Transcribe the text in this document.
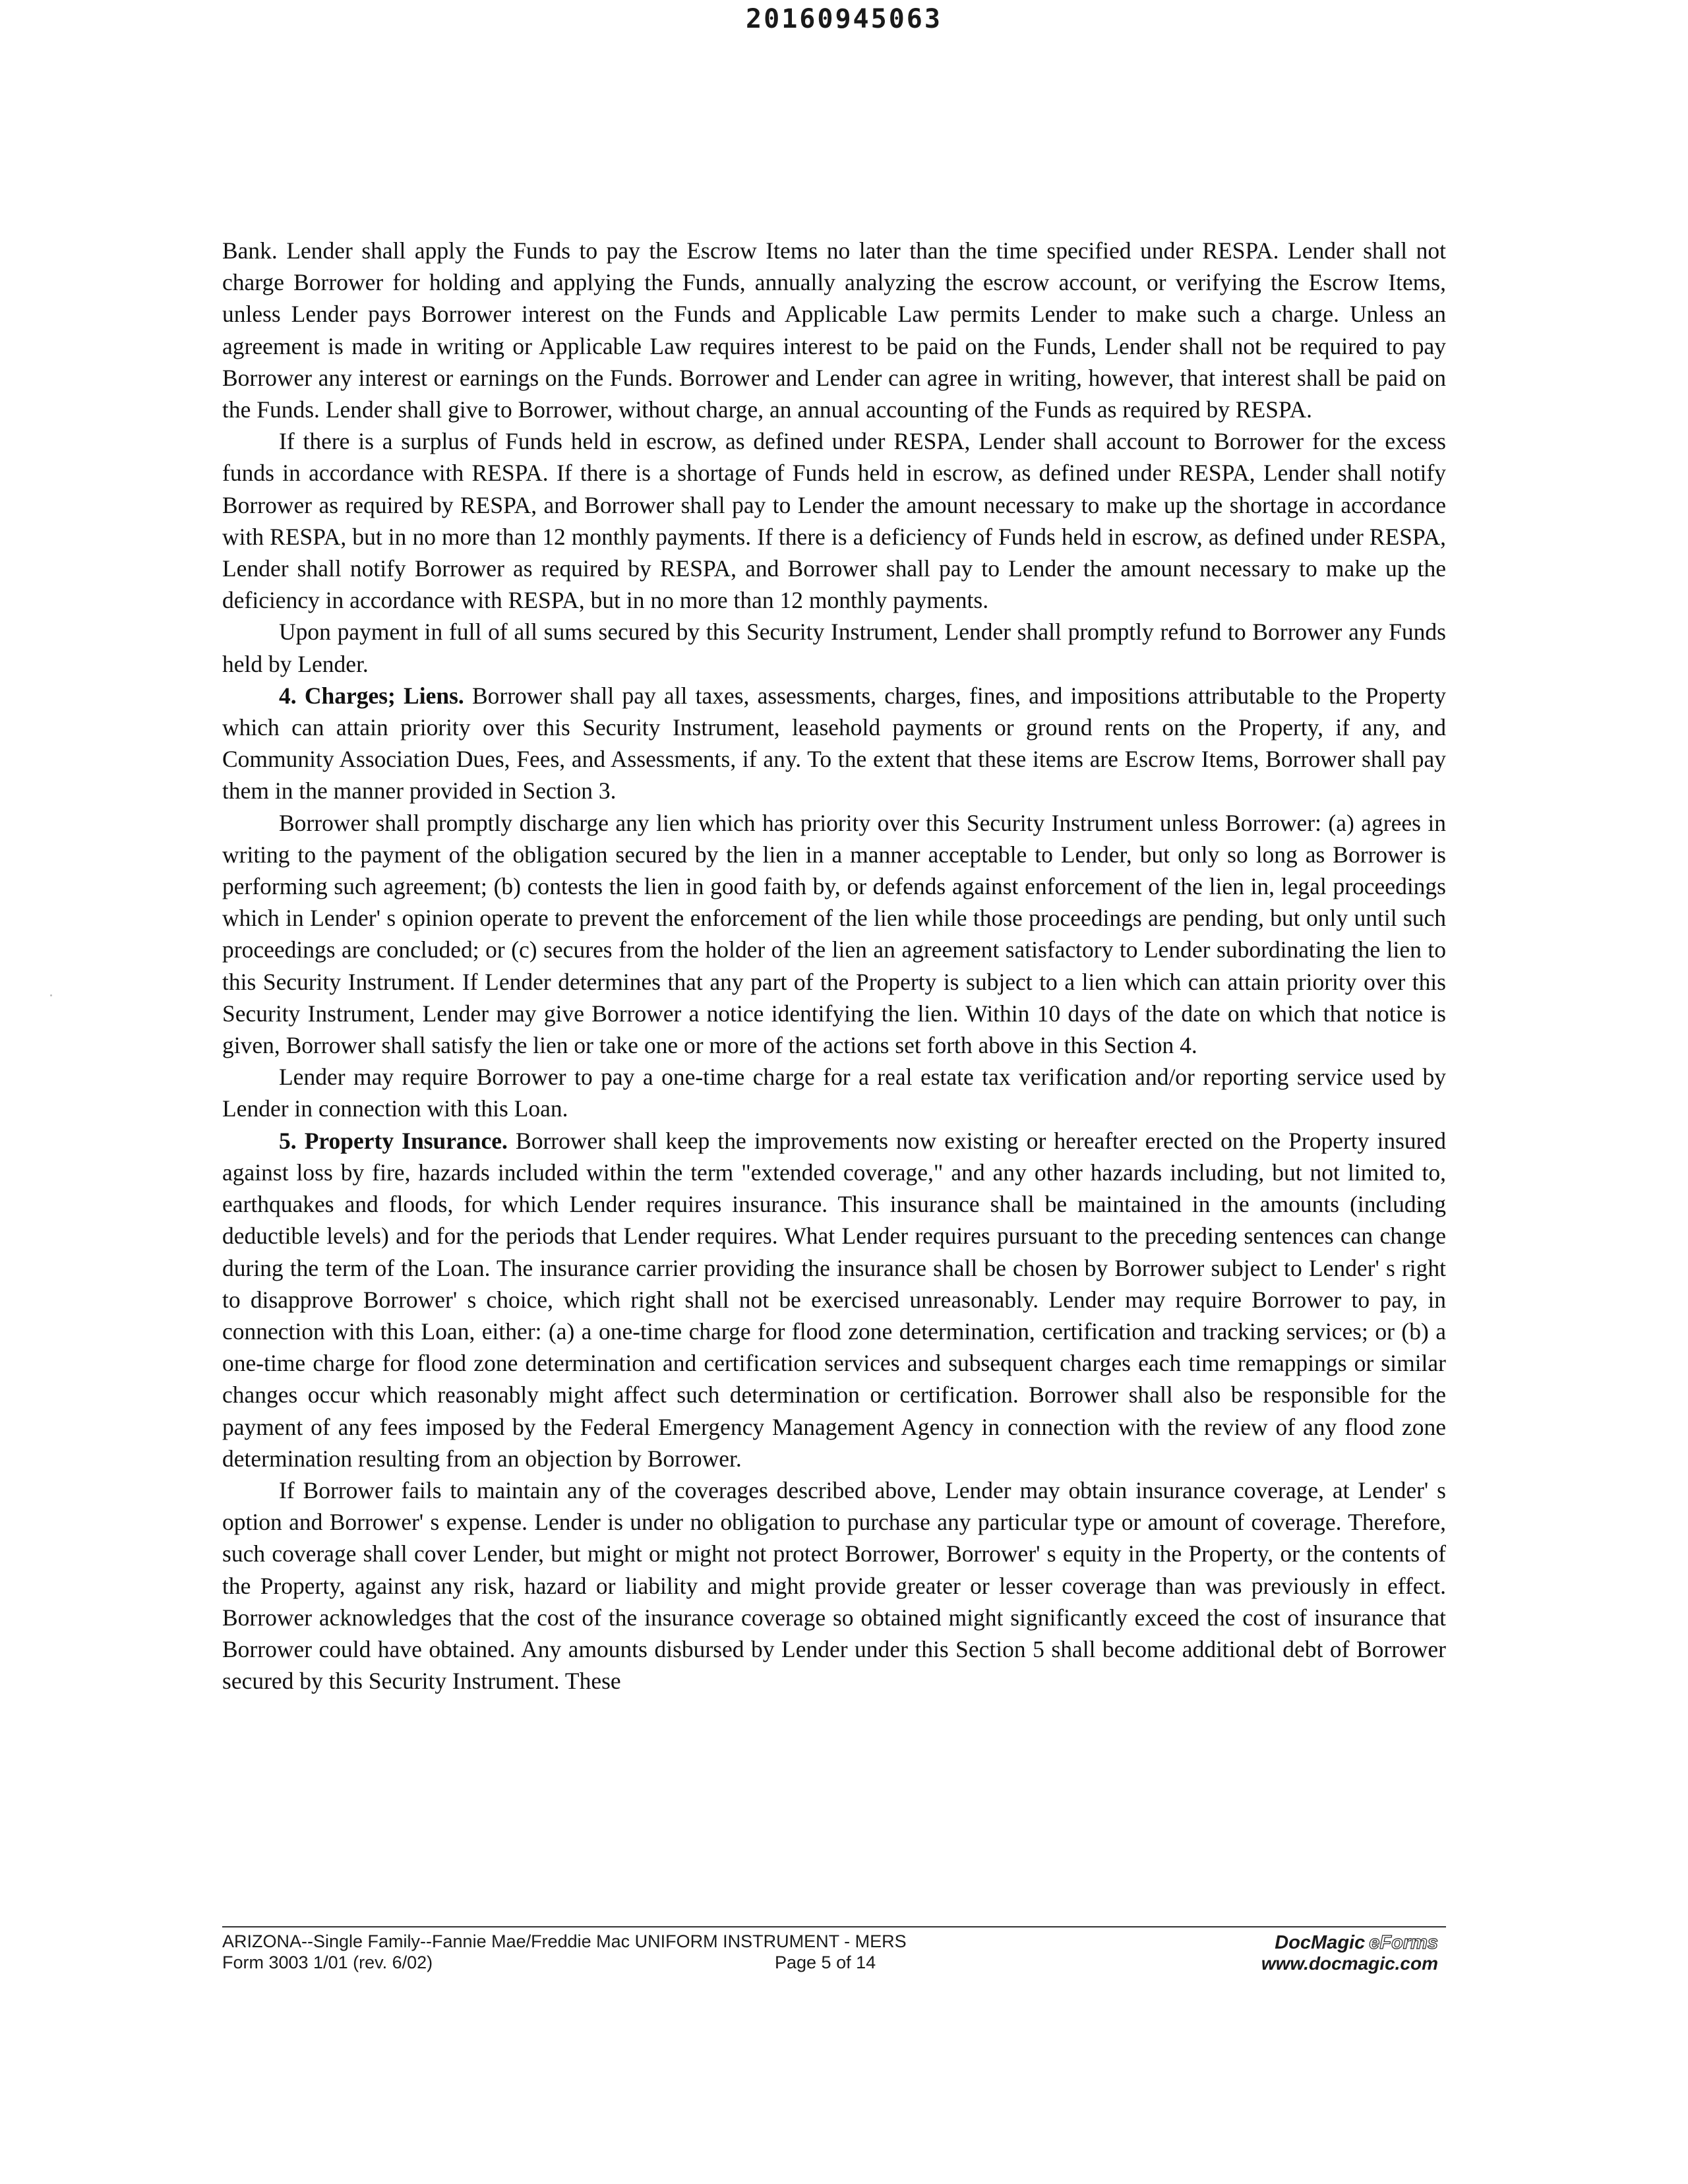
20160945063

Bank. Lender shall apply the Funds to pay the Escrow Items no later than the time specified under RESPA. Lender shall not charge Borrower for holding and applying the Funds, annually analyzing the escrow account, or verifying the Escrow Items, unless Lender pays Borrower interest on the Funds and Applicable Law permits Lender to make such a charge. Unless an agreement is made in writing or Applicable Law requires interest to be paid on the Funds, Lender shall not be required to pay Borrower any interest or earnings on the Funds. Borrower and Lender can agree in writing, however, that interest shall be paid on the Funds. Lender shall give to Borrower, without charge, an annual accounting of the Funds as required by RESPA.

If there is a surplus of Funds held in escrow, as defined under RESPA, Lender shall account to Borrower for the excess funds in accordance with RESPA. If there is a shortage of Funds held in escrow, as defined under RESPA, Lender shall notify Borrower as required by RESPA, and Borrower shall pay to Lender the amount necessary to make up the shortage in accordance with RESPA, but in no more than 12 monthly payments. If there is a deficiency of Funds held in escrow, as defined under RESPA, Lender shall notify Borrower as required by RESPA, and Borrower shall pay to Lender the amount necessary to make up the deficiency in accordance with RESPA, but in no more than 12 monthly payments.

Upon payment in full of all sums secured by this Security Instrument, Lender shall promptly refund to Borrower any Funds held by Lender.

4. Charges; Liens. Borrower shall pay all taxes, assessments, charges, fines, and impositions attributable to the Property which can attain priority over this Security Instrument, leasehold payments or ground rents on the Property, if any, and Community Association Dues, Fees, and Assessments, if any. To the extent that these items are Escrow Items, Borrower shall pay them in the manner provided in Section 3.

Borrower shall promptly discharge any lien which has priority over this Security Instrument unless Borrower: (a) agrees in writing to the payment of the obligation secured by the lien in a manner acceptable to Lender, but only so long as Borrower is performing such agreement; (b) contests the lien in good faith by, or defends against enforcement of the lien in, legal proceedings which in Lender' s opinion operate to prevent the enforcement of the lien while those proceedings are pending, but only until such proceedings are concluded; or (c) secures from the holder of the lien an agreement satisfactory to Lender subordinating the lien to this Security Instrument. If Lender determines that any part of the Property is subject to a lien which can attain priority over this Security Instrument, Lender may give Borrower a notice identifying the lien. Within 10 days of the date on which that notice is given, Borrower shall satisfy the lien or take one or more of the actions set forth above in this Section 4.

Lender may require Borrower to pay a one-time charge for a real estate tax verification and/or reporting service used by Lender in connection with this Loan.

5. Property Insurance. Borrower shall keep the improvements now existing or hereafter erected on the Property insured against loss by fire, hazards included within the term "extended coverage," and any other hazards including, but not limited to, earthquakes and floods, for which Lender requires insurance. This insurance shall be maintained in the amounts (including deductible levels) and for the periods that Lender requires. What Lender requires pursuant to the preceding sentences can change during the term of the Loan. The insurance carrier providing the insurance shall be chosen by Borrower subject to Lender' s right to disapprove Borrower' s choice, which right shall not be exercised unreasonably. Lender may require Borrower to pay, in connection with this Loan, either: (a) a one-time charge for flood zone determination, certification and tracking services; or (b) a one-time charge for flood zone determination and certification services and subsequent charges each time remappings or similar changes occur which reasonably might affect such determination or certification. Borrower shall also be responsible for the payment of any fees imposed by the Federal Emergency Management Agency in connection with the review of any flood zone determination resulting from an objection by Borrower.

If Borrower fails to maintain any of the coverages described above, Lender may obtain insurance coverage, at Lender' s option and Borrower' s expense. Lender is under no obligation to purchase any particular type or amount of coverage. Therefore, such coverage shall cover Lender, but might or might not protect Borrower, Borrower' s equity in the Property, or the contents of the Property, against any risk, hazard or liability and might provide greater or lesser coverage than was previously in effect. Borrower acknowledges that the cost of the insurance coverage so obtained might significantly exceed the cost of insurance that Borrower could have obtained. Any amounts disbursed by Lender under this Section 5 shall become additional debt of Borrower secured by this Security Instrument. These

ARIZONA--Single Family--Fannie Mae/Freddie Mac UNIFORM INSTRUMENT - MERS
Form 3003 1/01 (rev. 6/02)	Page 5 of 14
DocMagic eForms
www.docmagic.com
